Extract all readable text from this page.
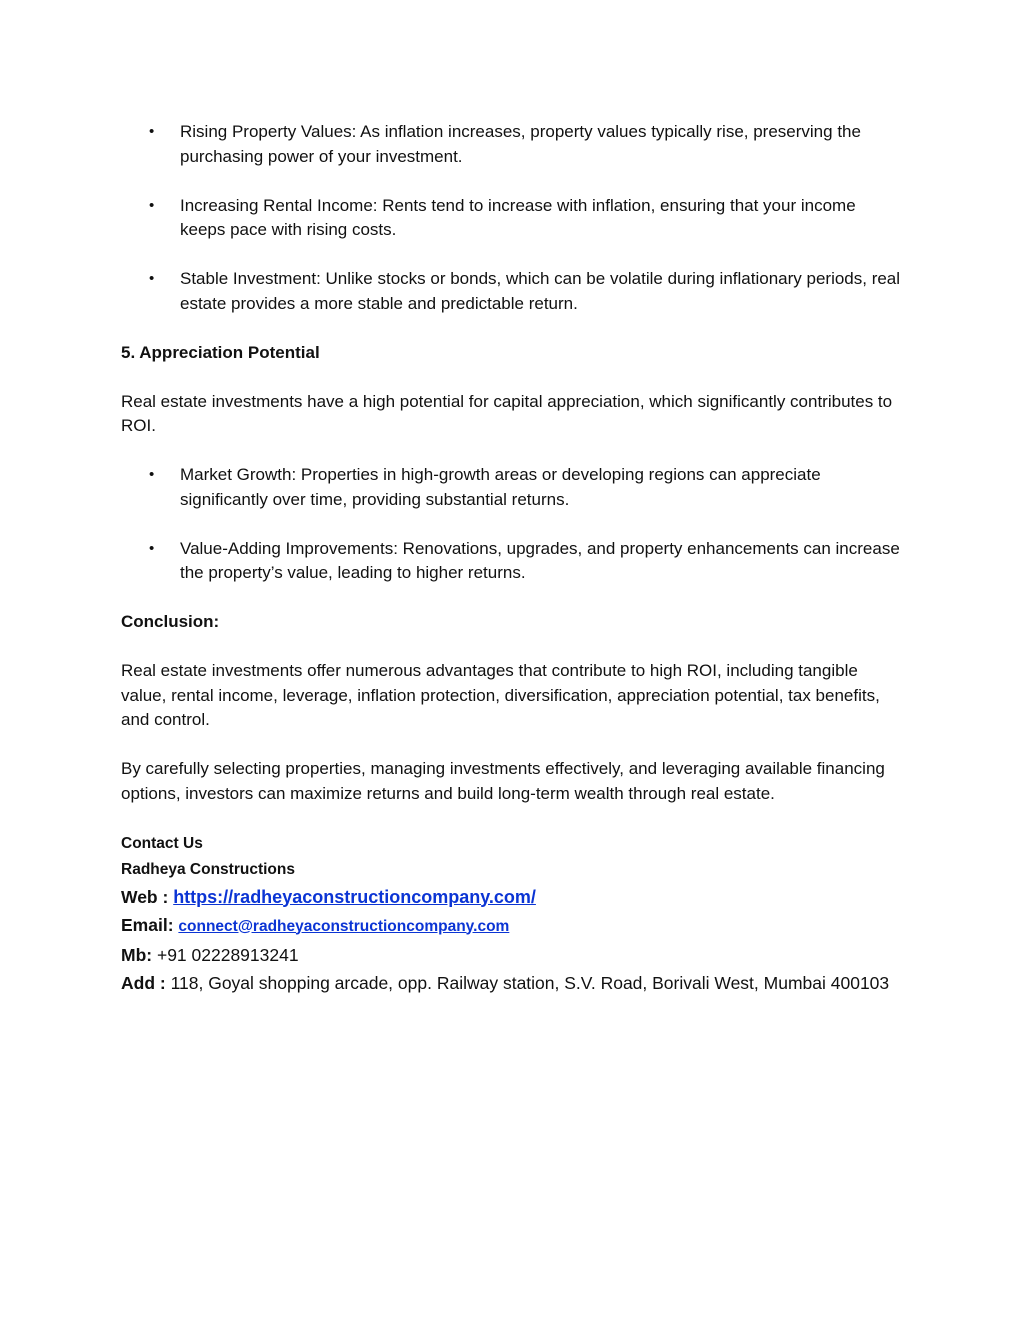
• Rising Property Values: As inflation increases, property values typically rise, preserving the purchasing power of your investment.
• Increasing Rental Income: Rents tend to increase with inflation, ensuring that your income keeps pace with rising costs.
• Stable Investment: Unlike stocks or bonds, which can be volatile during inflationary periods, real estate provides a more stable and predictable return.
5. Appreciation Potential

Real estate investments have a high potential for capital appreciation, which significantly contributes to ROI.

• Market Growth: Properties in high-growth areas or developing regions can appreciate significantly over time, providing substantial returns.
• Value-Adding Improvements: Renovations, upgrades, and property enhancements can increase the property’s value, leading to higher returns.
Conclusion:

Real estate investments offer numerous advantages that contribute to high ROI, including tangible value, rental income, leverage, inflation protection, diversification, appreciation potential, tax benefits, and control.

By carefully selecting properties, managing investments effectively, and leveraging available financing options, investors can maximize returns and build long-term wealth through real estate.

Contact Us
Radheya Constructions
Web : https://radheyaconstructioncompany.com/
Email: connect@radheyaconstructioncompany.com
Mb: +91 02228913241
Add : 118, Goyal shopping arcade, opp. Railway station, S.V. Road, Borivali West, Mumbai 400103
